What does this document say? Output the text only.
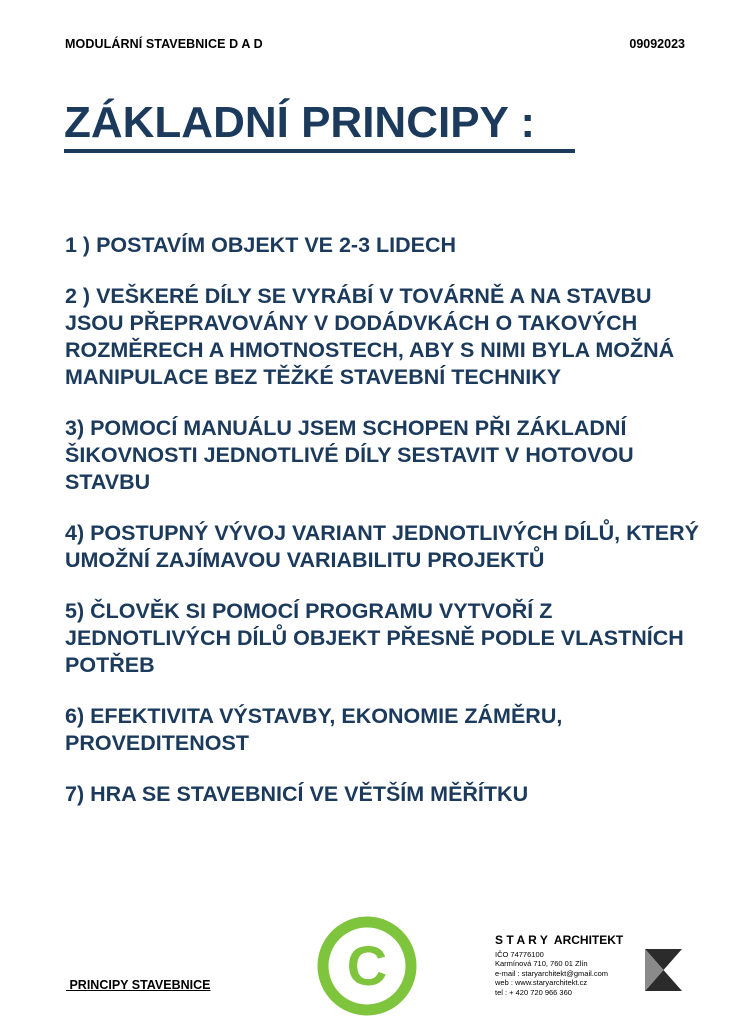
MODULÁRNÍ STAVEBNICE D A D	09092023
ZÁKLADNÍ PRINCIPY :
1 ) POSTAVÍM OBJEKT VE 2-3 LIDECH
2 ) VEŠKERÉ DÍLY SE VYRÁBÍ V TOVÁRNĚ A NA STAVBU JSOU PŘEPRAVOVÁNY V DODÁDVKÁCH O TAKOVÝCH ROZMĚRECH A HMOTNOSTECH, ABY S NIMI BYLA MOŽNÁ MANIPULACE BEZ TĚŽKÉ STAVEBNÍ TECHNIKY
3) POMOCÍ MANUÁLU JSEM SCHOPEN PŘI ZÁKLADNÍ ŠIKOVNOSTI JEDNOTLIVÉ DÍLY SESTAVIT V HOTOVOU STAVBU
4) POSTUPNÝ VÝVOJ VARIANT JEDNOTLIVÝCH DÍLŮ, KTERÝ UMOŽNÍ ZAJÍMAVOU VARIABILITU PROJEKTŮ
5) ČLOVĚK SI POMOCÍ PROGRAMU VYTVOŘÍ Z JEDNOTLIVÝCH DÍLŮ OBJEKT PŘESNĚ PODLE VLASTNÍCH POTŘEB
6) EFEKTIVITA VÝSTAVBY, EKONOMIE ZÁMĚRU, PROVEDITENOST
7) HRA SE STAVEBNICÍ VE VĚTŠÍM MĚŘÍTKU
PRINCIPY STAVEBNICE C	S T A R Y  ARCHITEKT
IČO 74776100
Karmínová 710, 760 01 Zlín
e-mail : staryarchitekt@gmail.com
web : www.staryarchitekt.cz
tel : + 420 720 966 360
